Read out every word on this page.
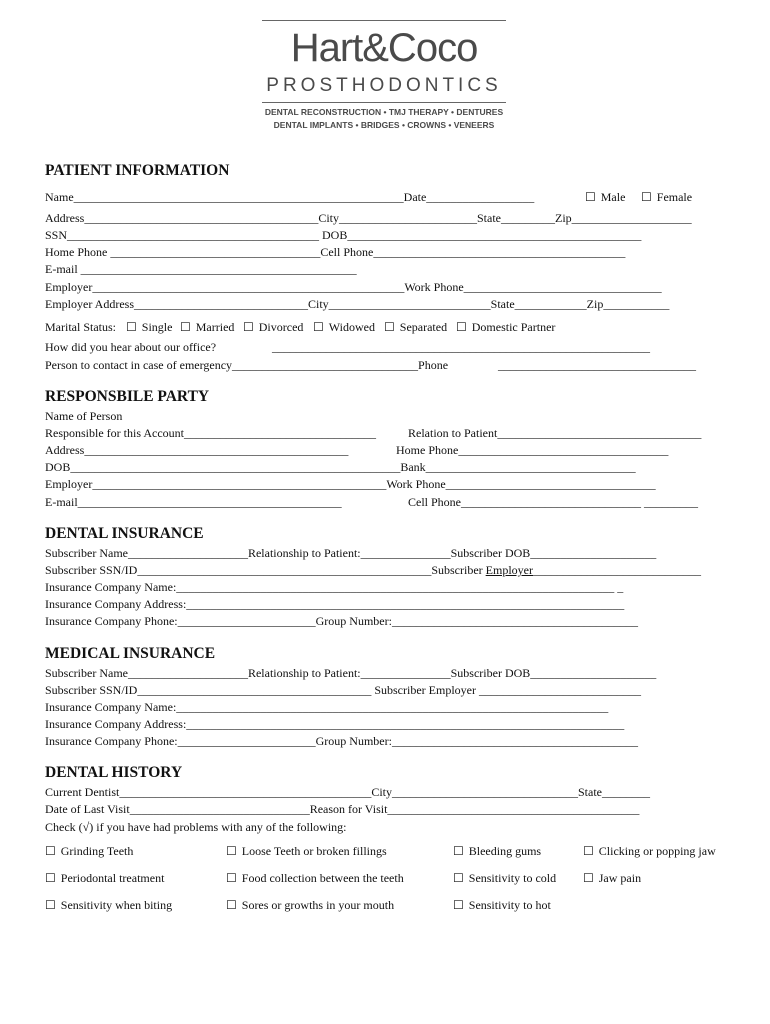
Hart&Coco
PROSTHODONTICS
DENTAL RECONSTRUCTION • TMJ THERAPY • DENTURES
DENTAL IMPLANTS • BRIDGES • CROWNS • VENEERS
PATIENT INFORMATION
Name_______________________________________________________Date__________________	☐ Male	☐ Female
Address_______________________________________City_______________________State_________Zip____________________
SSN__________________________________________ DOB_________________________________________________
Home Phone ___________________________________Cell Phone__________________________________________
E-mail ______________________________________________
Employer____________________________________________________Work Phone_________________________________
Employer Address_____________________________City___________________________State____________Zip___________
Marital Status:	☐ Single	☐ Married	☐ Divorced	☐ Widowed	☐ Separated	☐ Domestic Partner
How did you hear about our office?	_______________________________________________________________
Person to contact in case of emergency_______________________________Phone	_________________________________
RESPONSBILE PARTY
Name of Person
Responsible for this Account________________________________	Relation to Patient__________________________________
Address____________________________________________	Home Phone___________________________________
DOB_______________________________________________________Bank___________________________________
Employer_________________________________________________Work Phone___________________________________
E-mail____________________________________________	Cell Phone______________________________ _________
DENTAL INSURANCE
Subscriber Name____________________Relationship to Patient:_______________Subscriber DOB_____________________
Subscriber SSN/ID_________________________________________________Subscriber Employer____________________________
Insurance Company Name:_________________________________________________________________________ _
Insurance Company Address:_________________________________________________________________________
Insurance Company Phone:_______________________Group Number:_________________________________________
MEDICAL INSURANCE
Subscriber Name____________________Relationship to Patient:_______________Subscriber DOB_____________________
Subscriber SSN/ID_______________________________________ Subscriber Employer ___________________________
Insurance Company Name:________________________________________________________________________
Insurance Company Address:_________________________________________________________________________
Insurance Company Phone:_______________________Group Number:_________________________________________
DENTAL HISTORY
Current Dentist__________________________________________City_______________________________State________
Date of Last Visit______________________________Reason for Visit__________________________________________
Check (√) if you have had problems with any of the following:
☐ Grinding Teeth	☐ Loose Teeth or broken fillings	☐ Bleeding gums	☐ Clicking or popping jaw
☐ Periodontal treatment	☐ Food collection between the teeth	☐ Sensitivity to cold	☐ Jaw pain
☐ Sensitivity when biting	☐ Sores or growths in your mouth	☐ Sensitivity to hot
